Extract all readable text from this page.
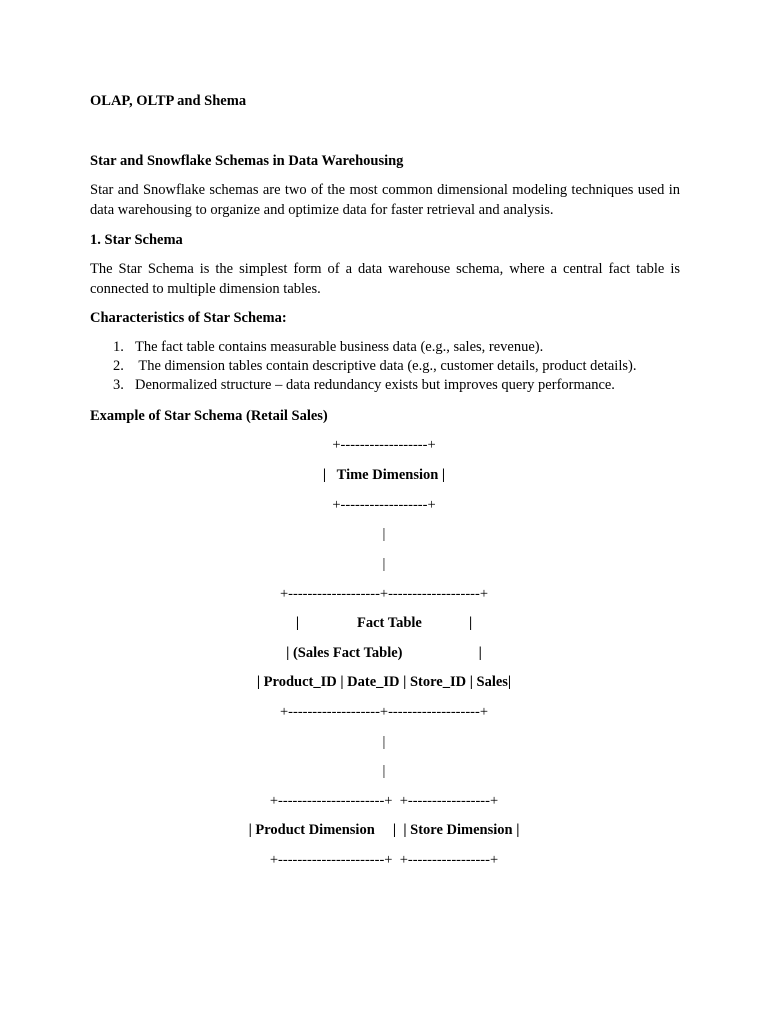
OLAP, OLTP and Shema
Star and Snowflake Schemas in Data Warehousing
Star and Snowflake schemas are two of the most common dimensional modeling techniques used in data warehousing to organize and optimize data for faster retrieval and analysis.
1. Star Schema
The Star Schema is the simplest form of a data warehouse schema, where a central fact table is connected to multiple dimension tables.
Characteristics of Star Schema:
1. The fact table contains measurable business data (e.g., sales, revenue).
2. The dimension tables contain descriptive data (e.g., customer details, product details).
3. Denormalized structure – data redundancy exists but improves query performance.
Example of Star Schema (Retail Sales)
+------------------+
|   Time Dimension |
+------------------+
|
|
+-------------------+-------------------+
|                Fact Table             |
| (Sales Fact Table)                     |
| Product_ID | Date_ID | Store_ID | Sales|
+-------------------+-------------------+
|
|
+----------------------+  +-----------------+
| Product Dimension     |  | Store Dimension |
+----------------------+  +-----------------+
